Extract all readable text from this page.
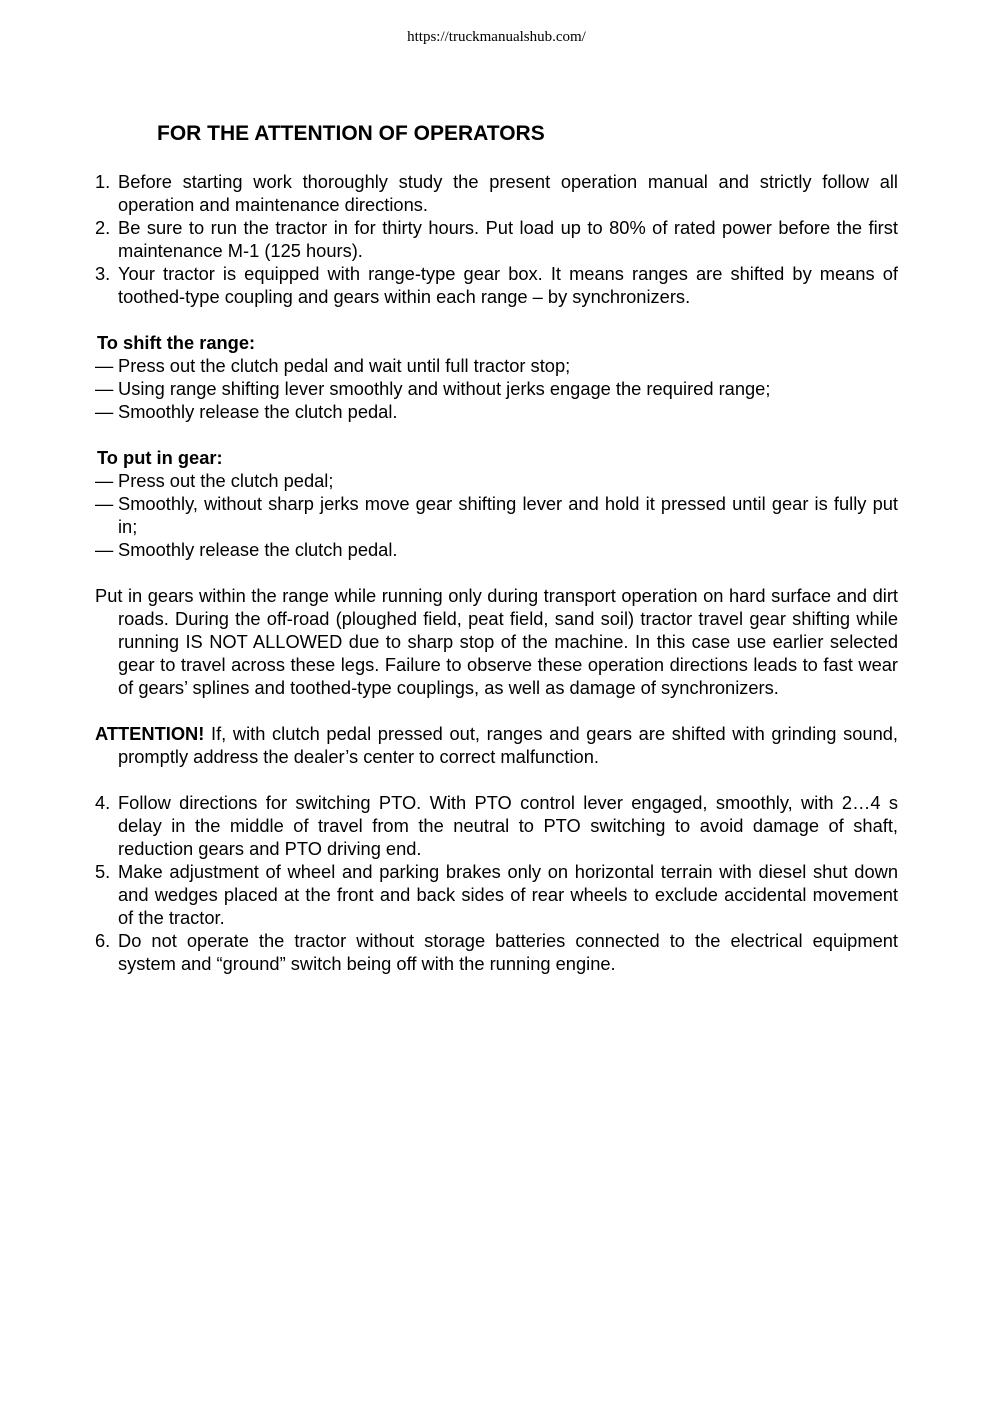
https://truckmanualshub.com/
FOR THE ATTENTION OF OPERATORS
1. Before starting work thoroughly study the present operation manual and strictly follow all operation and maintenance directions.
2. Be sure to run the tractor in for thirty hours. Put load up to 80% of rated power before the first maintenance M-1 (125 hours).
3. Your tractor is equipped with range-type gear box. It means ranges are shifted by means of toothed-type coupling and gears within each range – by synchronizers.
To shift the range:
— Press out the clutch pedal and wait until full tractor stop;
— Using range shifting lever smoothly and without jerks engage the required range;
— Smoothly release the clutch pedal.
To put in gear:
— Press out the clutch pedal;
— Smoothly, without sharp jerks move gear shifting lever and hold it pressed until gear is fully put in;
— Smoothly release the clutch pedal.
Put in gears within the range while running only during transport operation on hard surface and dirt roads. During the off-road (ploughed field, peat field, sand soil) tractor travel gear shifting while running IS NOT ALLOWED due to sharp stop of the machine. In this case use earlier selected gear to travel across these legs. Failure to observe these operation directions leads to fast wear of gears’ splines and toothed-type couplings, as well as damage of synchronizers.
ATTENTION! If, with clutch pedal pressed out, ranges and gears are shifted with grinding sound, promptly address the dealer’s center to correct malfunction.
4. Follow directions for switching PTO. With PTO control lever engaged, smoothly, with 2…4 s delay in the middle of travel from the neutral to PTO switching to avoid damage of shaft, reduction gears and PTO driving end.
5. Make adjustment of wheel and parking brakes only on horizontal terrain with diesel shut down and wedges placed at the front and back sides of rear wheels to exclude accidental movement of the tractor.
6. Do not operate the tractor without storage batteries connected to the electrical equipment system and “ground” switch being off with the running engine.
